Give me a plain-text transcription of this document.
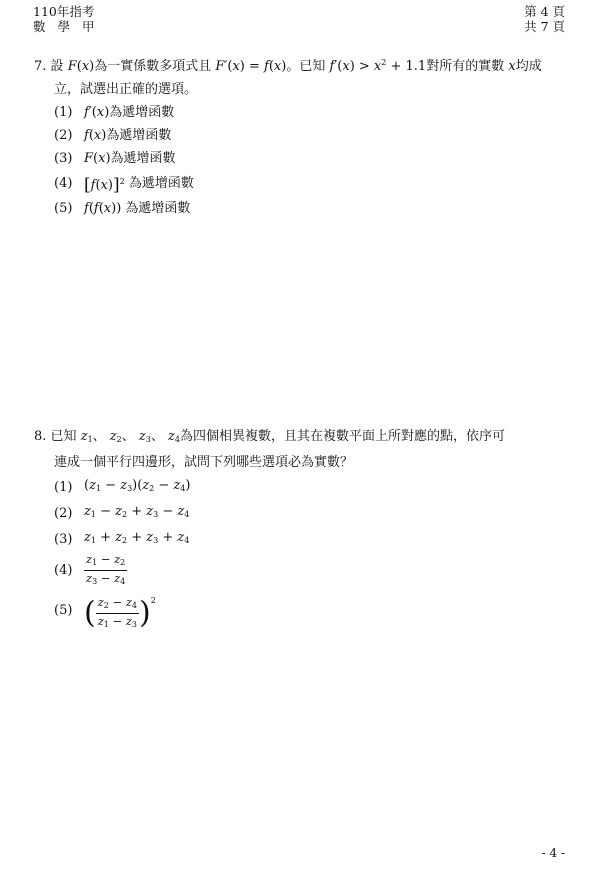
110年指考
數 學 甲
第 4 頁
共 7 頁
7. 設 F(x)為一實係數多項式且 F′(x) = f(x)。已知 $f'(x) > x^2 + 1.1$對所有的實數 x均成
立，試選出正確的選項。
(1) f′(x) 為遞增函數
(2) f(x) 為遞增函數
(3) F(x) 為遞增函數
(4) $[f(x)]^2$
為遞增函數
(5) f(f(x))
為遞增函數
8. 已知 $z_1$、 $z_2$、 $z_3$、 $z_4$為四個相異複數，且其在複數平面上所對應的點，依序可
連成一個平行四邊形，試問下列哪些選項必為實數？
(1) $(z_1 - z_3)(z_2 - z_4)$
(2) $z_1 - z_2 + z_3 - z_4$
(3) $z_1 + z_2 + z_3 + z_4$
(4)	$\frac{z_1 - z_2}{z_3 - z_4}$
(5) ( $\frac{z_2 - z_4}{z_1 - z_3} )^2$
- 4 -
